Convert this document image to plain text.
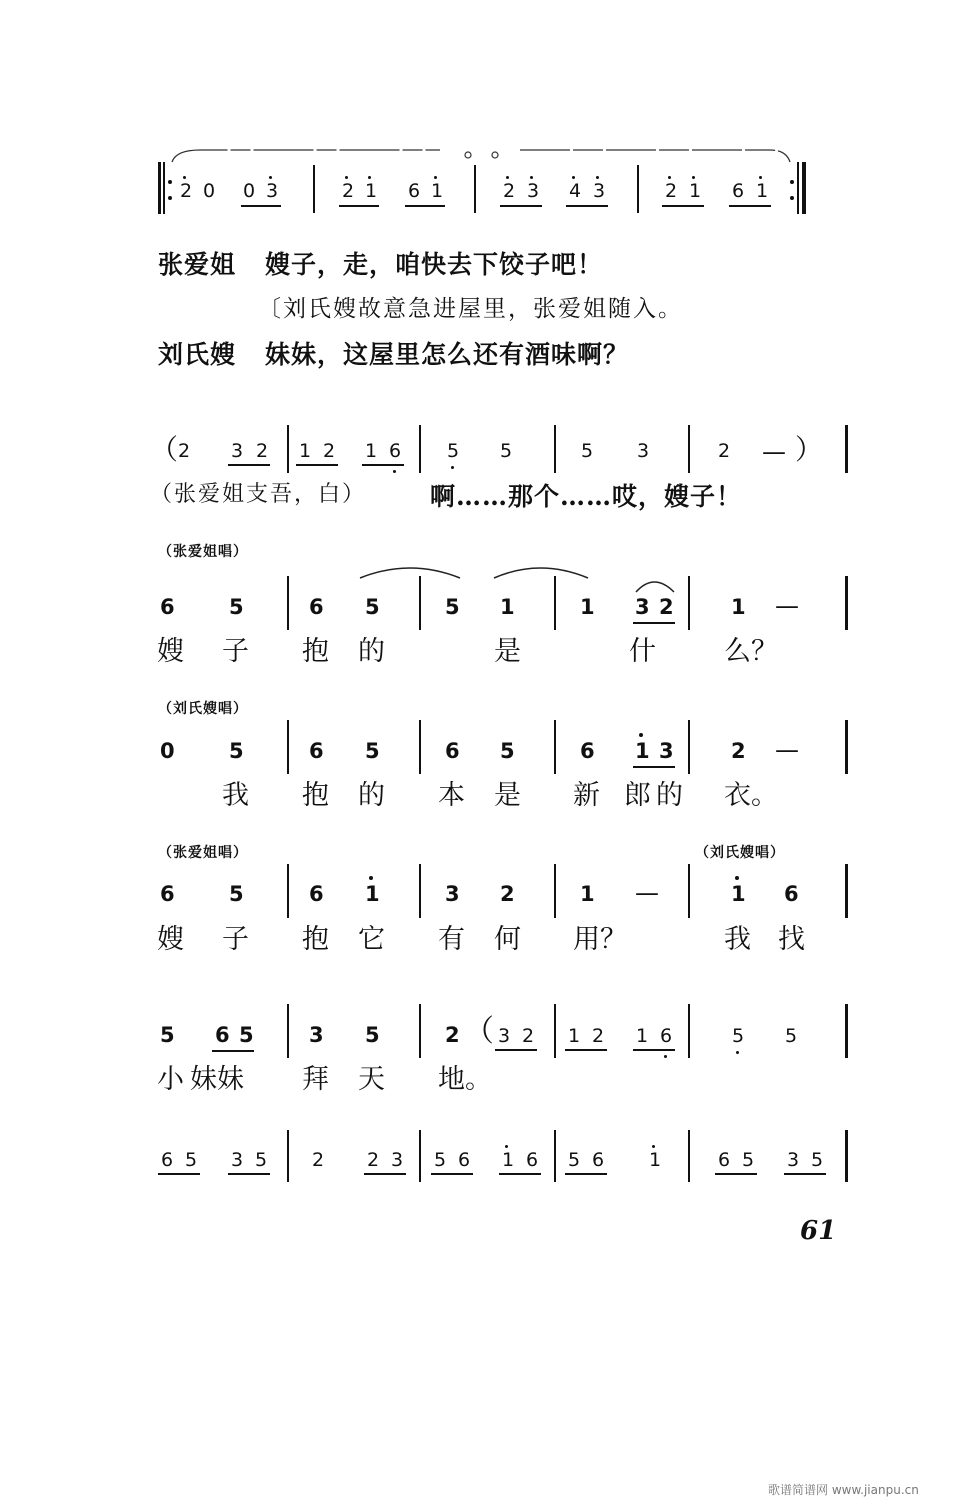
2 0 0 3	2 1 6 1	2 3 4 3	2 1 6 1
张爱姐 嫂子，走，咱快去下饺子吧！
〔刘氏嫂故意急进屋里，张爱姐随入。
刘氏嫂 妹妹，这屋里怎么还有酒味啊？
（ 2 3 2 1 2 1 6 5 5	5 3	2 — ）
（张爱姐支吾，白）	啊……那个……哎，嫂子！
（张爱姐唱）
6	5	6 5	5 1	1 3 2	1 —
嫂 子 抱 的	是	什	么？
（刘氏嫂唱）
0	5	6 5	6 5	6 1 3	2 —
我 抱 的 本 是 新 郎 的 衣。
（张爱姐唱）	（刘氏嫂唱）
6	5	6 1	3 2	1 —	1 6
嫂 子 抱 它 有 何 用？	我 找
5 6 5	3 5	2 （ 3 2 1 2 1 6	5 5
小 妹妹 拜 天 地。
6 5 3 5 2 2 3 5 6 1 6 5 6 1	6 5 3 5
61
歌谱简谱网 www.jianpu.cn
